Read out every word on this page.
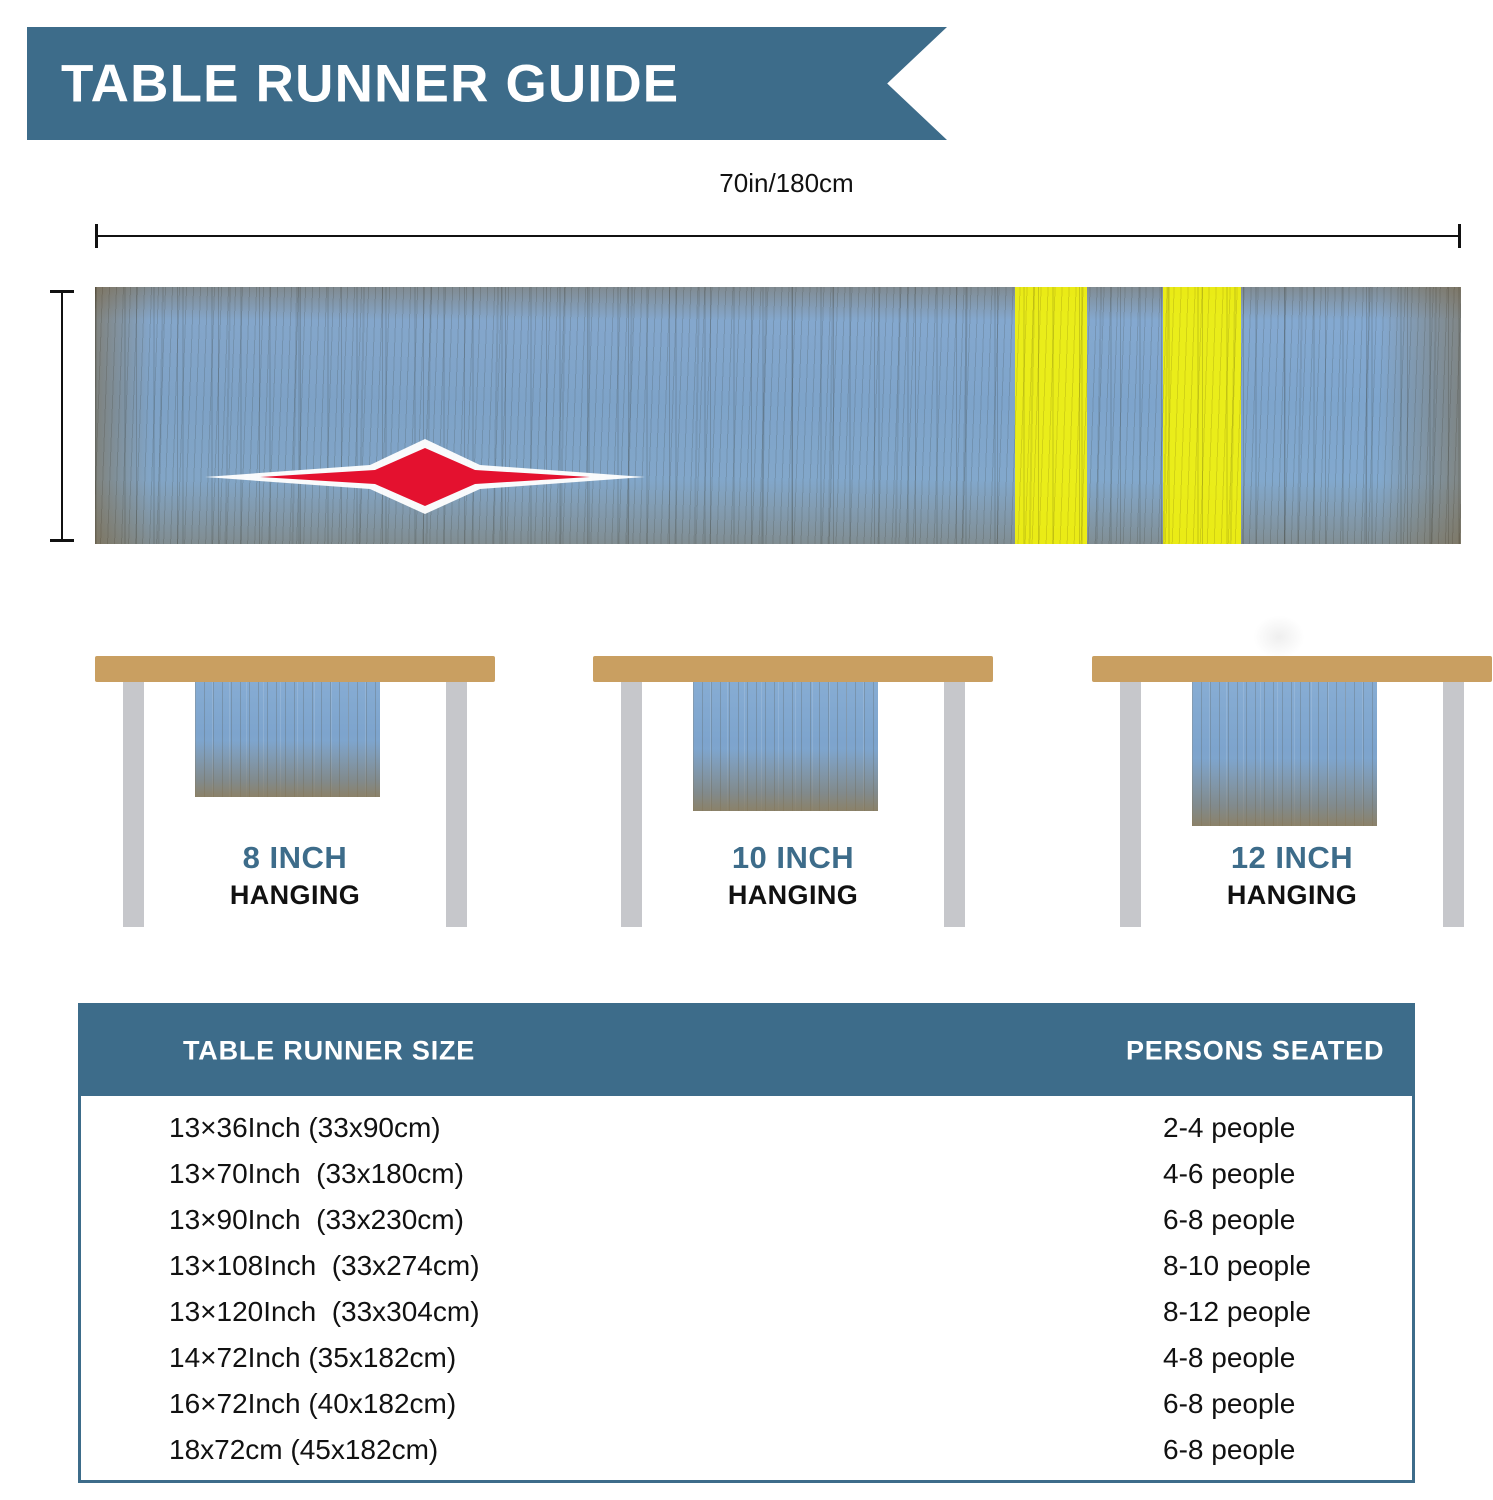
TABLE RUNNER GUIDE
70in/180cm
8 INCH
HANGING
10 INCH
HANGING
12 INCH
HANGING
TABLE RUNNER SIZE	PERSONS SEATED
13×36Inch (33x90cm)	2-4 people
13×70Inch  (33x180cm)	4-6 people
13×90Inch  (33x230cm)	6-8 people
13×108Inch  (33x274cm)	8-10 people
13×120Inch  (33x304cm)	8-12 people
14×72Inch (35x182cm)	4-8 people
16×72Inch (40x182cm)	6-8 people
18x72cm (45x182cm)	6-8 people
